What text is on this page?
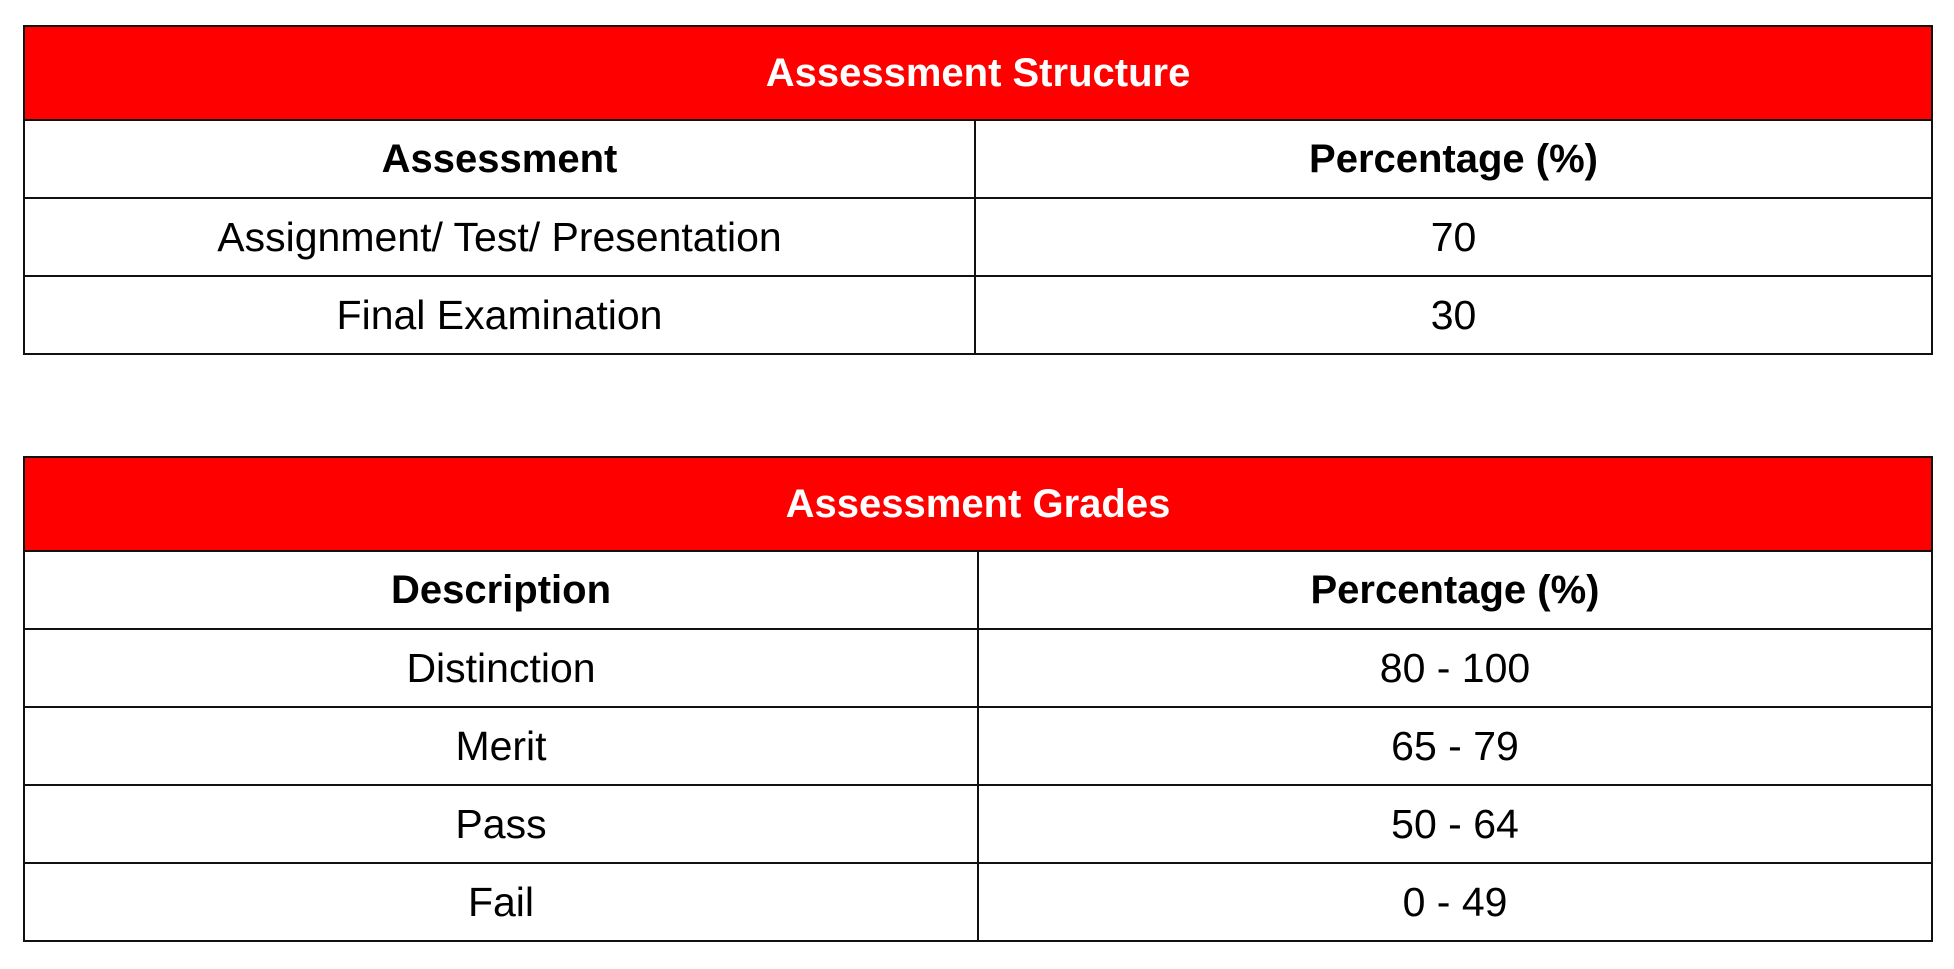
Assessment Structure	
Assessment	Percentage (%)
Assignment/ Test/ Presentation	70
Final Examination	30
Assessment Grades	
Description	Percentage (%)
Distinction	80 - 100
Merit	65 - 79
Pass	50 - 64
Fail	0 - 49
